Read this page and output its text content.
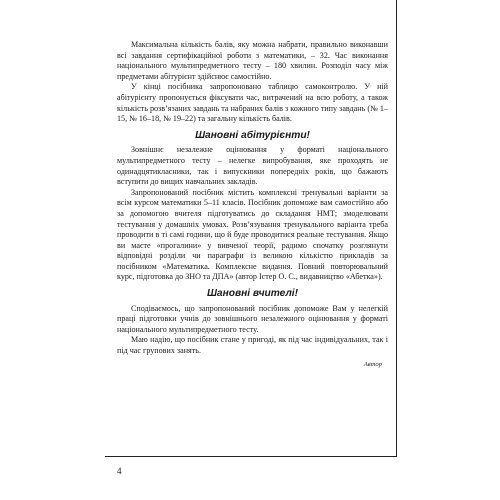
Максимальна кількість балів, яку можна набрати, правильно виконавши всі завдання сертифікаційної роботи з математики, – 32. Час виконання національного мультипредметного тесту – 180 хвилин. Розподіл часу між предметами абітурієнт здійснює самостійно.

У кінці посібника запропоновано таблицю самоконтролю. У ній абітурієнту пропонується фіксувати час, витрачений на всю роботу, а також кількість розв’язаних завдань та набраних балів з кожного типу завдань (№ 1–15, № 16–18, № 19–22) та загальну кількість балів.

Шановні абітурієнти!

Зовнішнє незалежне оцінювання у форматі національного мультипредметного тесту – нелегке випробування, яке проходять не одинадцятикласники, так і випускники попередніх років, що бажають вступити до вищих навчальних закладів.

Запропонований посібник містить комплексні тренувальні варіанти за всім курсом математики 5–11 класів. Посібник допоможе вам самостійно або за допомогою вчителя підготуватись до складання НМТ; змоделювати тестування у домашніх умовах. Розв’язування тренувального варіанта треба проводити в ті самі години, що й буде проводитися реальне тестування. Якщо ви маєте «прогалини» у вивченої теорії, радимо спочатку розглянути відповідні розділи чи параграфи із великою кількістю прикладів за посібником «Математика. Комплексне видання. Повний повторювальний курс, підготовка до ЗНО та ДПА» (автор Істер О. С., видавництво «Абетка»).

Шановні вчителі!

Сподіваємось, що запропонований посібник допоможе Вам у нелегкій праці підготовки учнів до зовнішнього незалежного оцінювання у форматі національного мультипредметного тесту.

Маю надію, що посібник стане у пригоді, як під час індивідуальних, так і під час групових занять.

Автор

4
